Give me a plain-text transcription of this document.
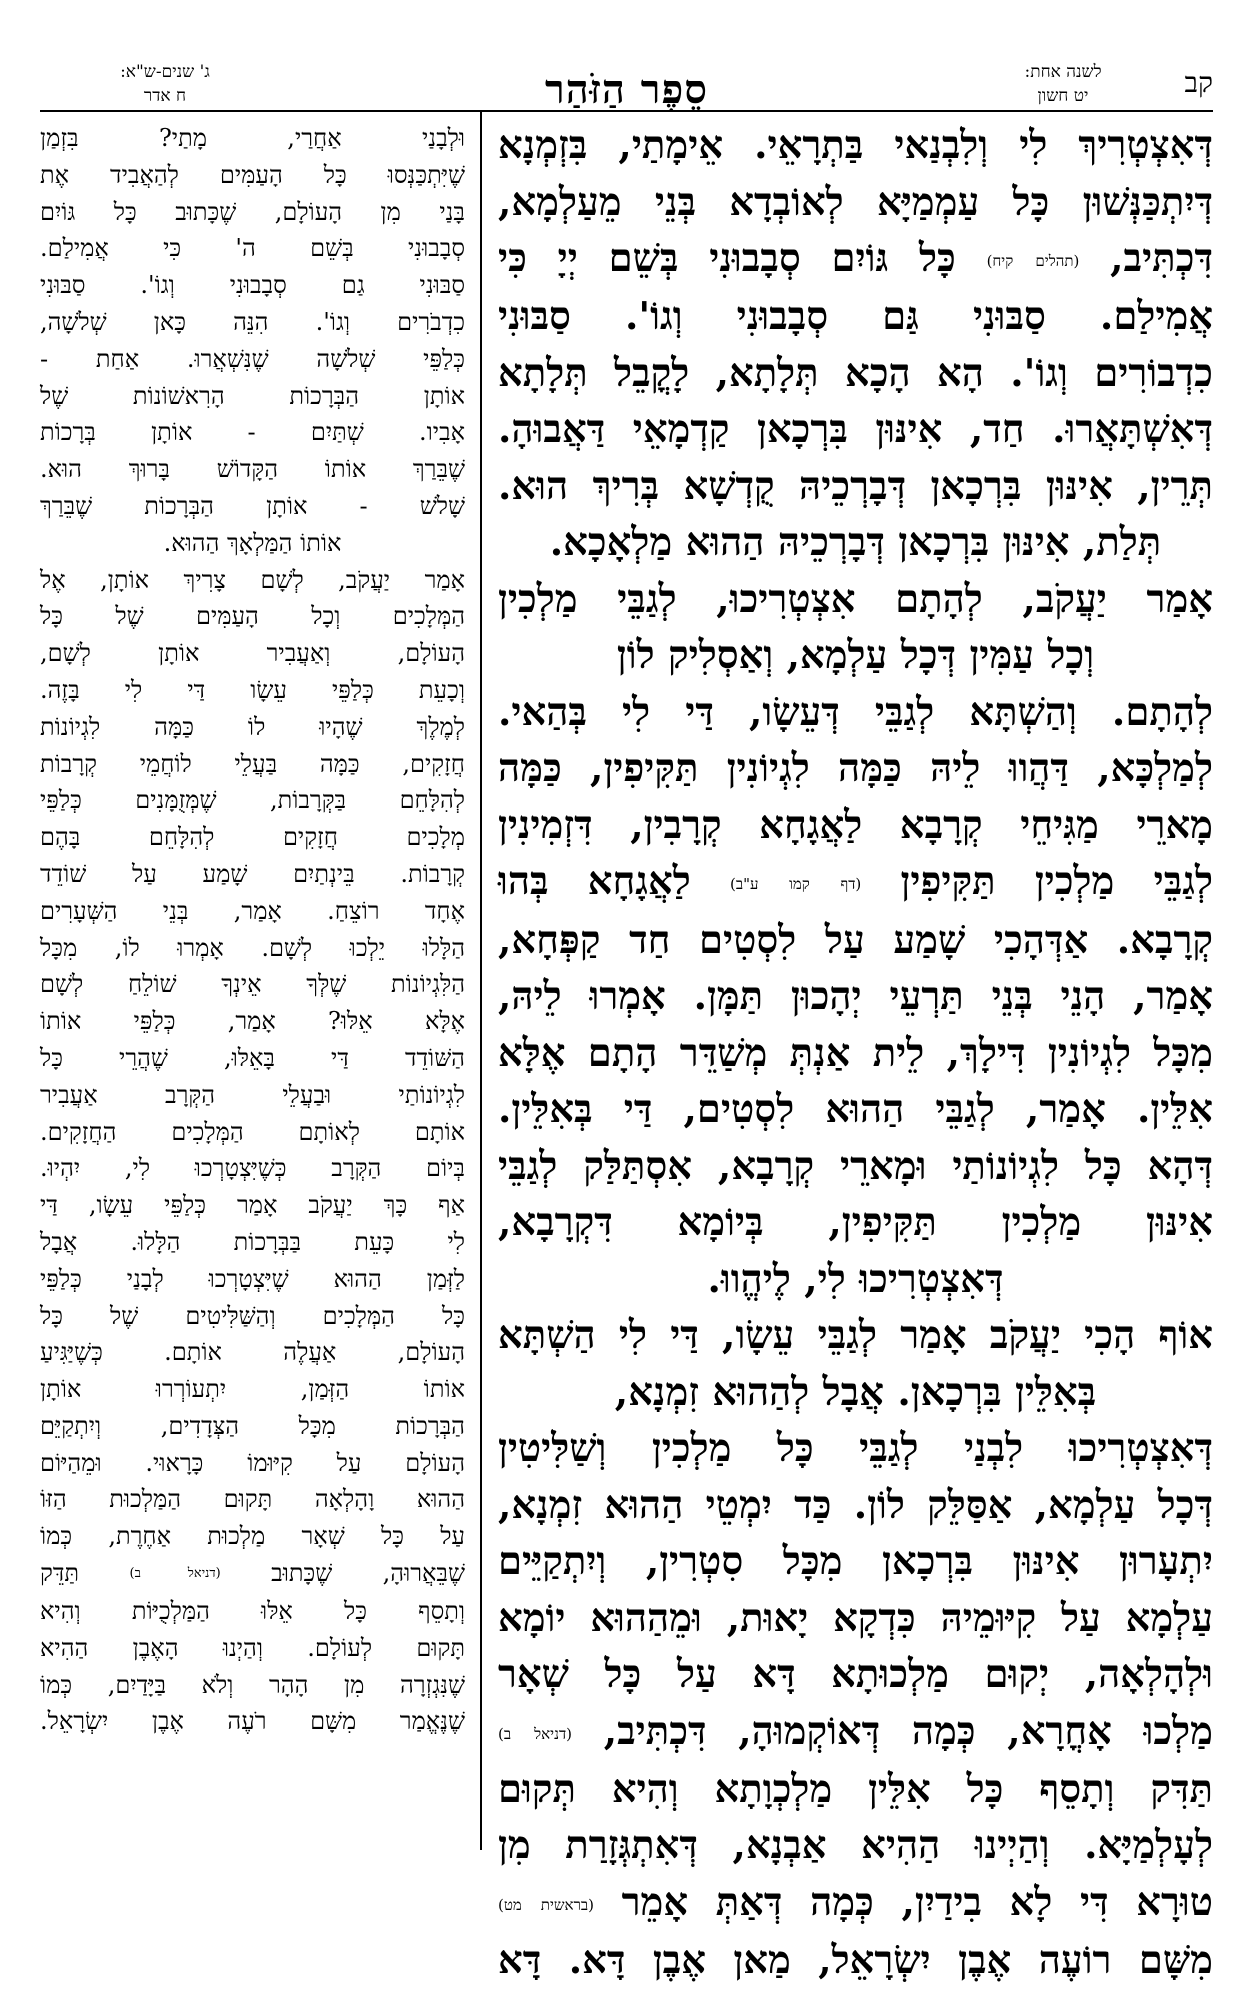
קב
לשנה אחת:
יט חשון
סֵפֶר הַזֹּהַר
ג' שנים-ש"א:
ח אדר
דְּאִצְטְרִיךְ לִי וְלִבְנַאי בַּתְרָאֵי. אֵימָתַי, בִּזְמְנָא
דְּיִתְכַּנְּשׁוּן כָּל עַמְמַיָּא לְאוֹבְדָא בְּנֵי מֵעַלְמָא,
דִּכְתִּיב, (תהלים קיח) כָּל גּוֹיִם סְבָבוּנִי בְּשֵׁם יְיָ כִּי
אֲמִילַם. סַבּוּנִי גַּם סְבָבוּנִי וְגוֹ'. סַבּוּנִי
כִדְבוֹרִים וְגוֹ'. הָא הָכָא תְּלָתָא, לָקֳבֵל תְּלָתָא
דְּאִשְׁתָּאֲרוּ. חַד, אִינּוּן בִּרְכָאן קַדְמָאֵי דַּאֲבוּהָ.
תְּרֵין, אִינּוּן בִּרְכָאן דְּבָרְכֵיהּ קֻדְשָׁא בְּרִיךְ הוּא.
תְּלַת, אִינּוּן בִּרְכָאן דְּבָרְכֵיהּ הַהוּא מַלְאָכָא.
אָמַר יַעֲקֹב, לְהָתָם אִצְטְרִיכוּ, לְגַבֵּי מַלְכִין
וְכָל עַמִּין דְּכָל עַלְמָא, וְאַסְלִיק לוֹן
לְהָתָם. וְהַשְׁתָּא לְגַבֵּי דְּעֵשָׂו, דַּי לִי בְּהַאי.
לְמַלְכָּא, דַּהֲווּ לֵיהּ כַּמָּה לִגְיוֹנִין תַּקִּיפִין, כַּמָּה
מָארֵי מַגִּיחֵי קְרָבָא לַאֲגָחָא קְרָבִין, דִּזְמִינִין
לְגַבֵּי מַלְכִין תַּקִּיפִין (דף קמו ע"ב) לַאֲגָחָא בְּהוּ
קְרָבָא. אַדְּהָכִי שָׁמַע עַל לִסְטִים חַד קַפְּחָא,
אָמַר, הָנֵי בְּנֵי תַּרְעֵי יְהָכוּן תַּמָּן. אָמְרוּ לֵיהּ,
מִכָּל לִגְיוֹנִין דִּילָךְ, לֵית אַנְתְּ מְשַׁדֵּר הָתָם אֶלָּא
אִלֵּין. אָמַר, לְגַבֵּי הַהוּא לִסְטִים, דַּי בְּאִלֵּין.
דְּהָא כָּל לִגְיוֹנוֹתַי וּמָארֵי קְרָבָא, אִסְתַּלַּק לְגַבֵּי
אִינּוּן מַלְכִין תַּקִּיפִין, בְּיוֹמָא דִּקְרָבָא,
דְּאִצְטְרִיכוּ לִי, לֶיהֱווּ.
אוֹף הָכִי יַעֲקֹב אָמַר לְגַבֵּי עֵשָׂו, דַּי לִי הַשְׁתָּא
בְּאִלֵּין בִּרְכָאן. אֲבָל לְהַהוּא זִמְנָא,
דְּאִצְטְרִיכוּ לִבְנַי לְגַבֵּי כָּל מַלְכִין וְשַׁלִּיטִין
דְּכָל עַלְמָא, אַסַּלֵּק לוֹן. כַּד יִמְטֵי הַהוּא זִמְנָא,
יִתְעָרוּן אִינּוּן בִּרְכָאן מִכָּל סִטְרִין, וְיִתְקַיֵּים
עַלְמָא עַל קִיּוּמֵיהּ כִּדְקָא יָאוּת, וּמֵהַהוּא יוֹמָא
וּלְהָלְאָה, יְקוּם מַלְכוּתָא דָּא עַל כָּל שְׁאָר
מַלְכוּ אָחֳרָא, כְּמָה דְּאוֹקְמוּהָ, דִּכְתִּיב, (דניאל ב)
תַּדִּק וְתָסֵף כָּל אִלֵּין מַלְכְוָתָא וְהִיא תְּקוּם
לְעָלְמַיָּא. וְהַיְינוּ הַהִיא אַבְנָא, דְּאִתְגְּזָרַת מִן
טוּרָא דִּי לָא בִידַיִן, כְּמָה דְּאַתְּ אָמֵר (בראשית מט)
מִשָּׁם רוֹעֶה אֶבֶן יִשְׂרָאֵל, מַאן אֶבֶן דָּא. דָּא
וּלְבָנַי אַחֲרַי, מָתַי? בִּזְמַן
שֶׁיִּתְכַּנְּסוּ כָּל הָעַמִּים לְהַאֲבִיד אֶת
בָּנַי מִן הָעוֹלָם, שֶׁכָּתוּב כָּל גּוֹיִם
סְבָבוּנִי בְּשֵׁם ה' כִּי אֲמִילַם.
סַבּוּנִי גַם סְבָבוּנִי וְגוֹ'. סַבּוּנִי
כִדְבֹרִים וְגוֹ'. הִנֵּה כָּאן שְׁלֹשָׁה,
כְּלַפֵּי שְׁלֹשָׁה שֶׁנִּשְׁאֲרוּ. אַחַת -
אוֹתָן הַבְּרָכוֹת הָרִאשׁוֹנוֹת שֶׁל
אָבִיו. שְׁתַּיִם - אוֹתָן בְּרָכוֹת
שֶׁבֵּרַךְ אוֹתוֹ הַקָּדוֹשׁ בָּרוּךְ הוּא.
שָׁלֹשׁ - אוֹתָן הַבְּרָכוֹת שֶׁבֵּרַךְ
אוֹתוֹ הַמַּלְאָךְ הַהוּא.
אָמַר יַעֲקֹב, לְשָׁם צָרִיךְ אוֹתָן, אֶל
הַמְּלָכִים וְכָל הָעַמִּים שֶׁל כָּל
הָעוֹלָם, וְאַעֲבִיר אוֹתָן לְשָׁם,
וְכָעֵת כְּלַפֵּי עֵשָׂו דַּי לִי בָּזֶה.
לְמֶלֶךְ שֶׁהָיוּ לוֹ כַּמָּה לִגְיוֹנוֹת
חֲזָקִים, כַּמָּה בַּעֲלֵי לוֹחֲמֵי קְרָבוֹת
לְהִלָּחֵם בַּקְּרָבוֹת, שֶׁמְּזֻמָּנִים כְּלַפֵּי
מְלָכִים חֲזָקִים לְהִלָּחֵם בָּהֶם
קְרָבוֹת. בֵּינְתַיִם שָׁמַע עַל שׁוֹדֵד
אֶחָד רוֹצֵחַ. אָמַר, בְּנֵי הַשְּׁעָרִים
הַלָּלוּ יֵלְכוּ לְשָׁם. אָמְרוּ לוֹ, מִכָּל
הַלִּגְיוֹנוֹת שֶׁלְּךָ אֵינְךָ שׁוֹלֵחַ לְשָׁם
אֶלָּא אֵלּוּ? אָמַר, כְּלַפֵּי אוֹתוֹ
הַשּׁוֹדֵד דַּי בָּאֵלּוּ, שֶׁהֲרֵי כָּל
לִגְיוֹנוֹתַי וּבַעֲלֵי הַקְּרָב אַעֲבִיר
אוֹתָם לְאוֹתָם הַמְּלָכִים הַחֲזָקִים.
בְּיוֹם הַקְּרָב כְּשֶׁיִּצְטָרְכוּ לִי, יִהְיוּ.
אַף כָּךְ יַעֲקֹב אָמַר כְּלַפֵּי עֵשָׂו, דַּי
לִי כָּעֵת בַּבְּרָכוֹת הַלָּלוּ. אֲבָל
לַזְּמַן הַהוּא שֶׁיִּצְטָרְכוּ לְבָנַי כְּלַפֵּי
כָּל הַמְּלָכִים וְהַשַּׁלִּיטִים שֶׁל כָּל
הָעוֹלָם, אַעֲלֶה אוֹתָם. כְּשֶׁיַּגִּיעַ
אוֹתוֹ הַזְּמַן, יִתְעוֹרְרוּ אוֹתָן
הַבְּרָכוֹת מִכָּל הַצְּדָדִים, וְיִתְקַיֵּם
הָעוֹלָם עַל קִיּוּמוֹ כָּרָאוּי. וּמֵהַיּוֹם
הַהוּא וָהָלְאָה תָּקוּם הַמַּלְכוּת הַזּוֹ
עַל כָּל שְׁאָר מַלְכוּת אַחֶרֶת, כְּמוֹ
שֶׁבֵּאֲרוּהָ, שֶׁכָּתוּב (דניאל ב) תַּדֵּק
וְתָסֵף כָּל אֵלּוּ הַמַּלְכֻיּוֹת וְהִיא
תָּקוּם לְעוֹלָם. וְהַיְנוּ הָאֶבֶן הַהִיא
שֶׁנִּגְזְרָה מִן הָהָר וְלֹא בַּיָּדַיִם, כְּמוֹ
שֶׁנֶּאֱמַר מִשָּׁם רֹעֶה אֶבֶן יִשְׂרָאֵל.
